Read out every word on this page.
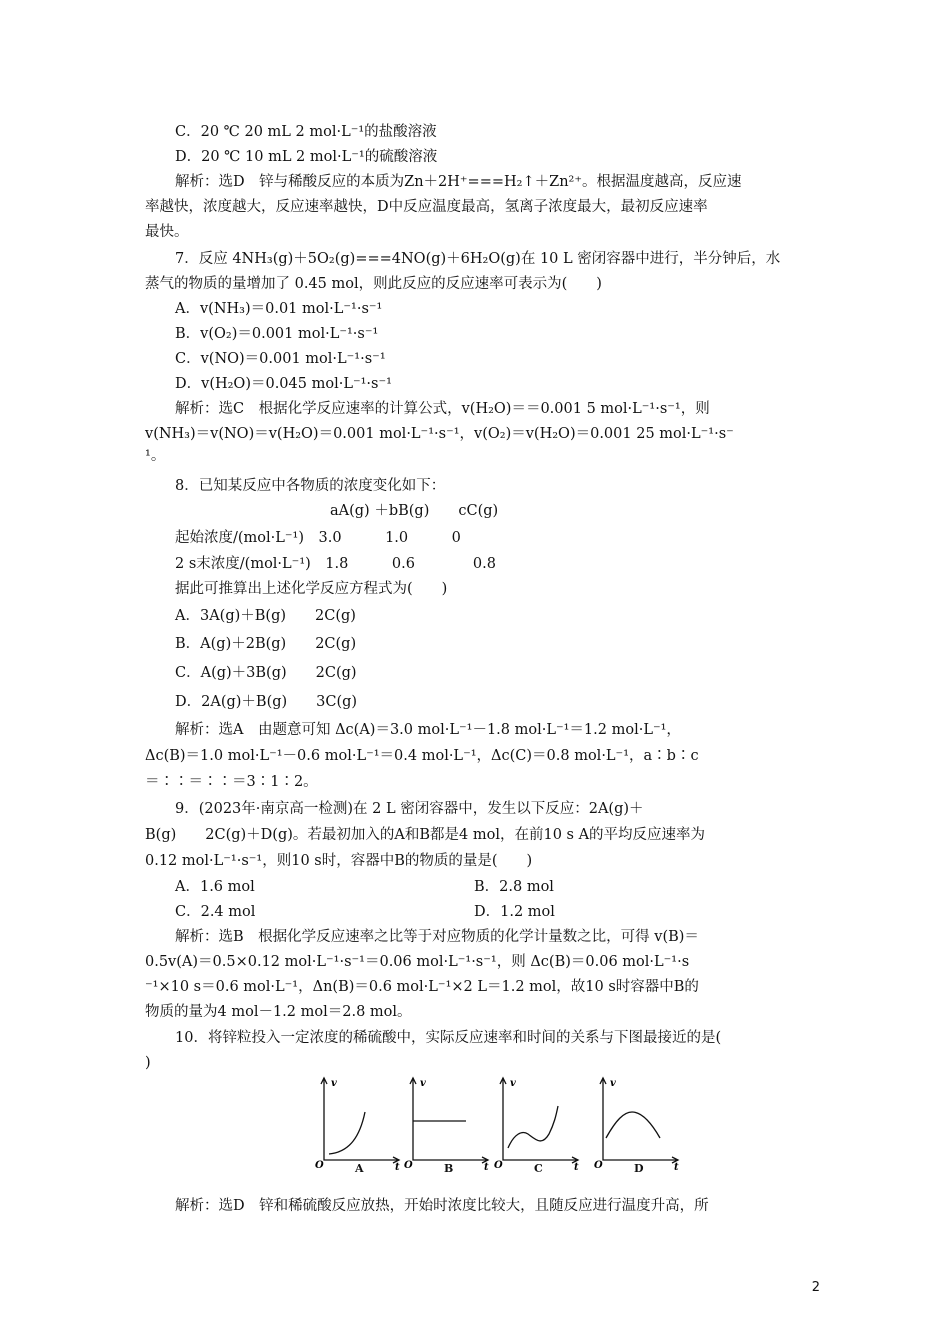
C．20 ℃ 20 mL 2 mol·L⁻¹的盐酸溶液
D．20 ℃ 10 mL 2 mol·L⁻¹的硫酸溶液
解析：选D　锌与稀酸反应的本质为Zn＋2H⁺===H₂↑＋Zn²⁺。根据温度越高，反应速
率越快，浓度越大，反应速率越快，D中反应温度最高，氢离子浓度最大，最初反应速率
最快。
7．反应 4NH₃(g)＋5O₂(g)===4NO(g)＋6H₂O(g)在 10 L 密闭容器中进行，半分钟后，水
蒸气的物质的量增加了 0.45 mol，则此反应的反应速率可表示为(　　)
A．v(NH₃)＝0.01 mol·L⁻¹·s⁻¹
B．v(O₂)＝0.001 mol·L⁻¹·s⁻¹
C．v(NO)＝0.001 mol·L⁻¹·s⁻¹
D．v(H₂O)＝0.045 mol·L⁻¹·s⁻¹
解析：选C　根据化学反应速率的计算公式，v(H₂O)＝＝0.001 5 mol·L⁻¹·s⁻¹，则
v(NH₃)＝v(NO)＝v(H₂O)＝0.001 mol·L⁻¹·s⁻¹，v(O₂)＝v(H₂O)＝0.001 25 mol·L⁻¹·s⁻
¹。
8．已知某反应中各物质的浓度变化如下：
aA(g) ＋bB(g)　　cC(g)
起始浓度/(mol·L⁻¹)　3.0　　　1.0　　　0
2 s末浓度/(mol·L⁻¹)　1.8　　　0.6　　　　0.8
据此可推算出上述化学反应方程式为(　　)
A．3A(g)＋B(g)　　2C(g)
B．A(g)＋2B(g)　　2C(g)
C．A(g)＋3B(g)　　2C(g)
D．2A(g)＋B(g)　　3C(g)
解析：选A　由题意可知 Δc(A)＝3.0 mol·L⁻¹－1.8 mol·L⁻¹＝1.2 mol·L⁻¹，
Δc(B)＝1.0 mol·L⁻¹－0.6 mol·L⁻¹＝0.4 mol·L⁻¹，Δc(C)＝0.8 mol·L⁻¹，a∶b∶c
＝∶∶＝∶∶＝3∶1∶2。
9．(2023年·南京高一检测)在 2 L 密闭容器中，发生以下反应：2A(g)＋
B(g)　　2C(g)＋D(g)。若最初加入的A和B都是4 mol，在前10 s A的平均反应速率为
0.12 mol·L⁻¹·s⁻¹，则10 s时，容器中B的物质的量是(　　)
A．1.6 mol	B．2.8 mol
C．2.4 mol	D．1.2 mol
解析：选B　根据化学反应速率之比等于对应物质的化学计量数之比，可得 v(B)＝
0.5v(A)＝0.5×0.12 mol·L⁻¹·s⁻¹＝0.06 mol·L⁻¹·s⁻¹，则 Δc(B)＝0.06 mol·L⁻¹·s
⁻¹×10 s＝0.6 mol·L⁻¹，Δn(B)＝0.6 mol·L⁻¹×2 L＝1.2 mol，故10 s时容器中B的
物质的量为4 mol－1.2 mol＝2.8 mol。
10．将锌粒投入一定浓度的稀硫酸中，实际反应速率和时间的关系与下图最接近的是(
)
v
O	t
A
v
O	t
B
v
O	t
C
v
O	t
D
解析：选D　锌和稀硫酸反应放热，开始时浓度比较大，且随反应进行温度升高，所
2
